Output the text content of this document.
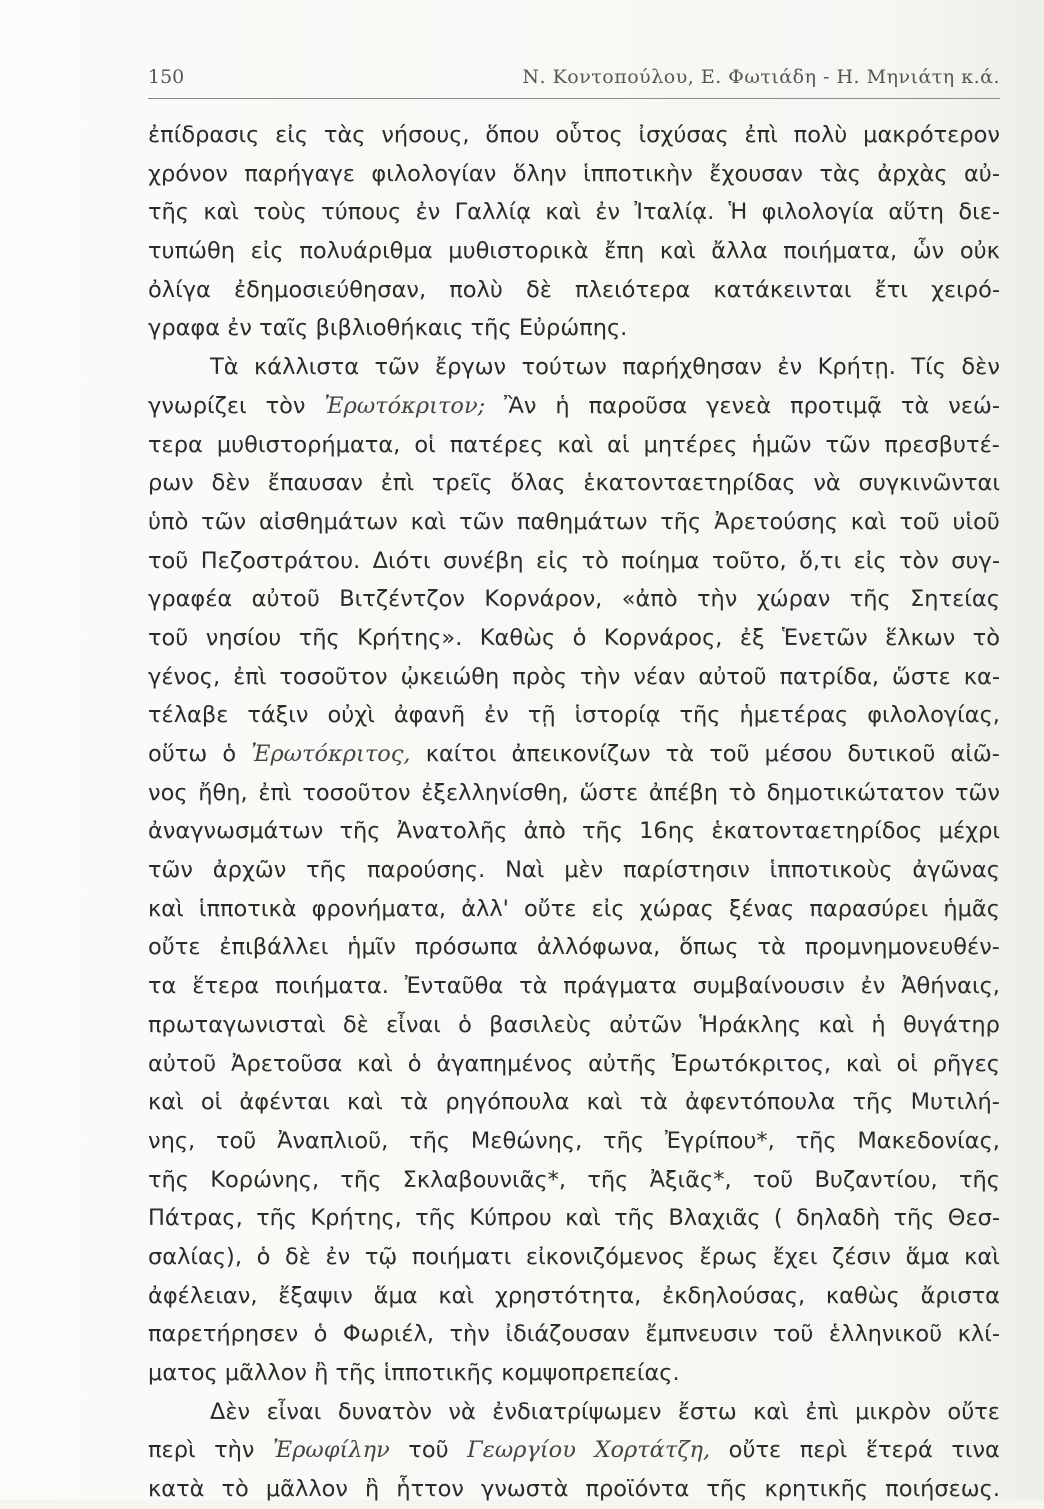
150	Ν. Κοντοπούλου, Ε. Φωτιάδη - Η. Μηνιάτη κ.ά.
ἐπίδρασις εἰς τὰς νήσους, ὅπου οὗτος ἰσχύσας ἐπὶ πολὺ μακρότερον
χρόνον παρήγαγε φιλολογίαν ὅλην ἱπποτικὴν ἔχουσαν τὰς ἀρχὰς αὐ-
τῆς καὶ τοὺς τύπους ἐν Γαλλίᾳ καὶ ἐν Ἰταλίᾳ. Ἡ φιλολογία αὕτη διε-
τυπώθη εἰς πολυάριθμα μυθιστορικὰ ἔπη καὶ ἄλλα ποιήματα, ὧν οὐκ
ὀλίγα ἐδημοσιεύθησαν, πολὺ δὲ πλειότερα κατάκεινται ἔτι χειρό-
γραφα ἐν ταῖς βιβλιοθήκαις τῆς Εὐρώπης.
Τὰ κάλλιστα τῶν ἔργων τούτων παρήχθησαν ἐν Κρήτῃ. Τίς δὲν
γνωρίζει τὸν Ἐρωτόκριτον; Ἂν ἡ παροῦσα γενεὰ προτιμᾷ τὰ νεώ-
τερα μυθιστορήματα, οἱ πατέρες καὶ αἱ μητέρες ἡμῶν τῶν πρεσβυτέ-
ρων δὲν ἔπαυσαν ἐπὶ τρεῖς ὅλας ἑκατονταετηρίδας νὰ συγκινῶνται
ὑπὸ τῶν αἰσθημάτων καὶ τῶν παθημάτων τῆς Ἀρετούσης καὶ τοῦ υἱοῦ
τοῦ Πεζοστράτου. Διότι συνέβη εἰς τὸ ποίημα τοῦτο, ὅ,τι εἰς τὸν συγ-
γραφέα αὐτοῦ Βιτζέντζον Κορνάρον, «ἀπὸ τὴν χώραν τῆς Σητείας
τοῦ νησίου τῆς Κρήτης». Καθὼς ὁ Κορνάρος, ἐξ Ἑνετῶν ἕλκων τὸ
γένος, ἐπὶ τοσοῦτον ᾠκειώθη πρὸς τὴν νέαν αὐτοῦ πατρίδα, ὥστε κα-
τέλαβε τάξιν οὐχὶ ἀφανῆ ἐν τῇ ἱστορίᾳ τῆς ἡμετέρας φιλολογίας,
οὕτω ὁ Ἐρωτόκριτος, καίτοι ἀπεικονίζων τὰ τοῦ μέσου δυτικοῦ αἰῶ-
νος ἤθη, ἐπὶ τοσοῦτον ἐξελληνίσθη, ὥστε ἀπέβη τὸ δημοτικώτατον τῶν
ἀναγνωσμάτων τῆς Ἀνατολῆς ἀπὸ τῆς 16ης ἑκατονταετηρίδος μέχρι
τῶν ἀρχῶν τῆς παρούσης. Ναὶ μὲν παρίστησιν ἱπποτικοὺς ἀγῶνας
καὶ ἱπποτικὰ φρονήματα, ἀλλ' οὔτε εἰς χώρας ξένας παρασύρει ἡμᾶς
οὔτε ἐπιβάλλει ἡμῖν πρόσωπα ἀλλόφωνα, ὅπως τὰ προμνημονευθέν-
τα ἕτερα ποιήματα. Ἐνταῦθα τὰ πράγματα συμβαίνουσιν ἐν Ἀθήναις,
πρωταγωνισταὶ δὲ εἶναι ὁ βασιλεὺς αὐτῶν Ἡράκλης καὶ ἡ θυγάτηρ
αὐτοῦ Ἀρετοῦσα καὶ ὁ ἀγαπημένος αὐτῆς Ἐρωτόκριτος, καὶ οἱ ρῆγες
καὶ οἱ ἀφένται καὶ τὰ ρηγόπουλα καὶ τὰ ἀφεντόπουλα τῆς Μυτιλή-
νης, τοῦ Ἀναπλιοῦ, τῆς Μεθώνης, τῆς Ἐγρίπου*, τῆς Μακεδονίας,
τῆς Κορώνης, τῆς Σκλαβουνιᾶς*, τῆς Ἀξιᾶς*, τοῦ Βυζαντίου, τῆς
Πάτρας, τῆς Κρήτης, τῆς Κύπρου καὶ τῆς Βλαχιᾶς ( δηλαδὴ τῆς Θεσ-
σαλίας), ὁ δὲ ἐν τῷ ποιήματι εἰκονιζόμενος ἔρως ἔχει ζέσιν ἅμα καὶ
ἀφέλειαν, ἔξαψιν ἅμα καὶ χρηστότητα, ἐκδηλούσας, καθὼς ἄριστα
παρετήρησεν ὁ Φωριέλ, τὴν ἰδιάζουσαν ἔμπνευσιν τοῦ ἑλληνικοῦ κλί-
ματος μᾶλλον ἢ τῆς ἱπποτικῆς κομψοπρεπείας.
Δὲν εἶναι δυνατὸν νὰ ἐνδιατρίψωμεν ἔστω καὶ ἐπὶ μικρὸν οὔτε
περὶ τὴν Ἐρωφίλην τοῦ Γεωργίου Χορτάτζη, οὔτε περὶ ἕτερά τινα
κατὰ τὸ μᾶλλον ἢ ἧττον γνωστὰ προϊόντα τῆς κρητικῆς ποιήσεως.
